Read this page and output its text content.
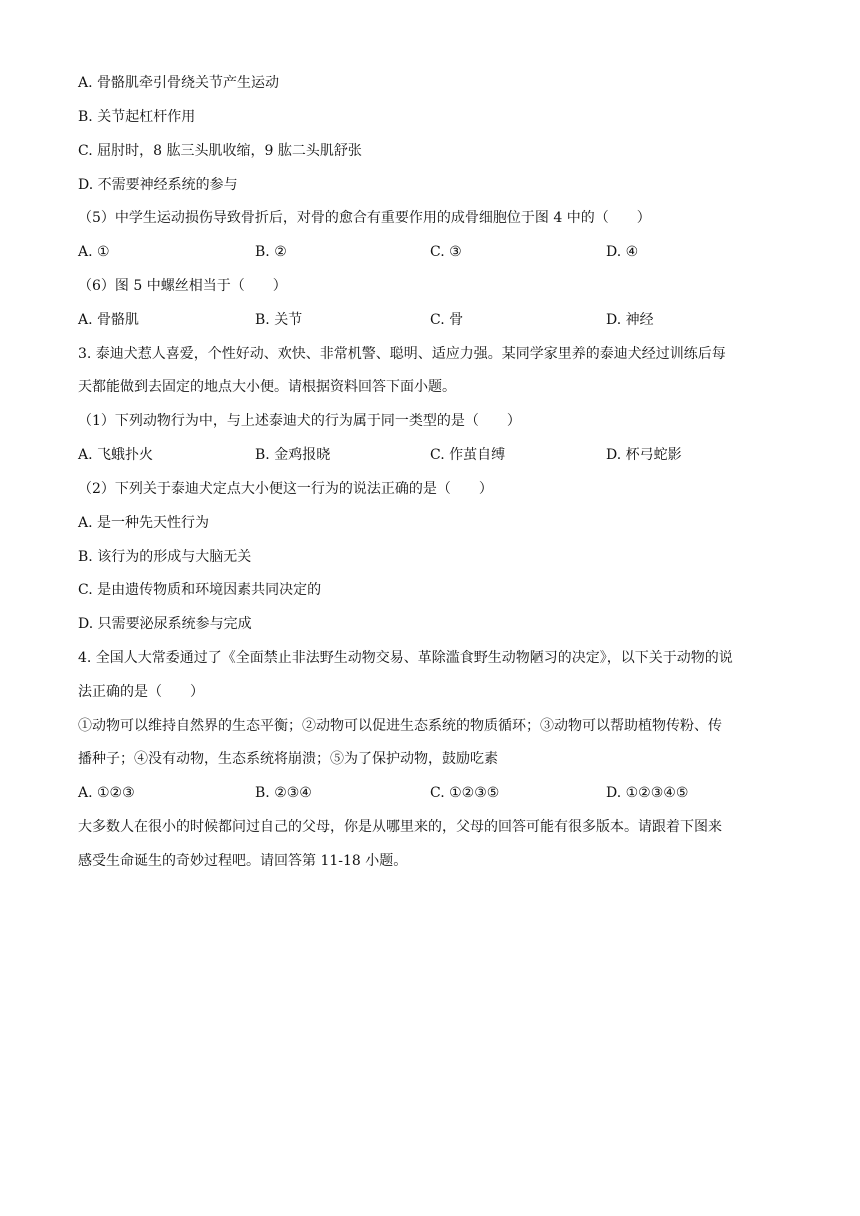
A. 骨骼肌牵引骨绕关节产生运动
B. 关节起杠杆作用
C. 屈肘时，8 肱三头肌收缩，9 肱二头肌舒张
D. 不需要神经系统的参与
（5）中学生运动损伤导致骨折后，对骨的愈合有重要作用的成骨细胞位于图 4 中的（　　）
A. ①	B. ②	C. ③	D. ④
（6）图 5 中螺丝相当于（　　）
A. 骨骼肌	B. 关节	C. 骨	D. 神经
3. 泰迪犬惹人喜爱，个性好动、欢快、非常机警、聪明、适应力强。某同学家里养的泰迪犬经过训练后每
天都能做到去固定的地点大小便。请根据资料回答下面小题。
（1）下列动物行为中，与上述泰迪犬的行为属于同一类型的是（　　）
A. 飞蛾扑火	B. 金鸡报晓	C. 作茧自缚	D. 杯弓蛇影
（2）下列关于泰迪犬定点大小便这一行为的说法正确的是（　　）
A. 是一种先天性行为
B. 该行为的形成与大脑无关
C. 是由遗传物质和环境因素共同决定的
D. 只需要泌尿系统参与完成
4. 全国人大常委通过了《全面禁止非法野生动物交易、革除滥食野生动物陋习的决定》，以下关于动物的说
法正确的是（　　）
①动物可以维持自然界的生态平衡；②动物可以促进生态系统的物质循环；③动物可以帮助植物传粉、传
播种子；④没有动物，生态系统将崩溃；⑤为了保护动物，鼓励吃素
A. ①②③	B. ②③④	C. ①②③⑤	D. ①②③④⑤
大多数人在很小的时候都问过自己的父母，你是从哪里来的，父母的回答可能有很多版本。请跟着下图来
感受生命诞生的奇妙过程吧。请回答第 11-18 小题。
